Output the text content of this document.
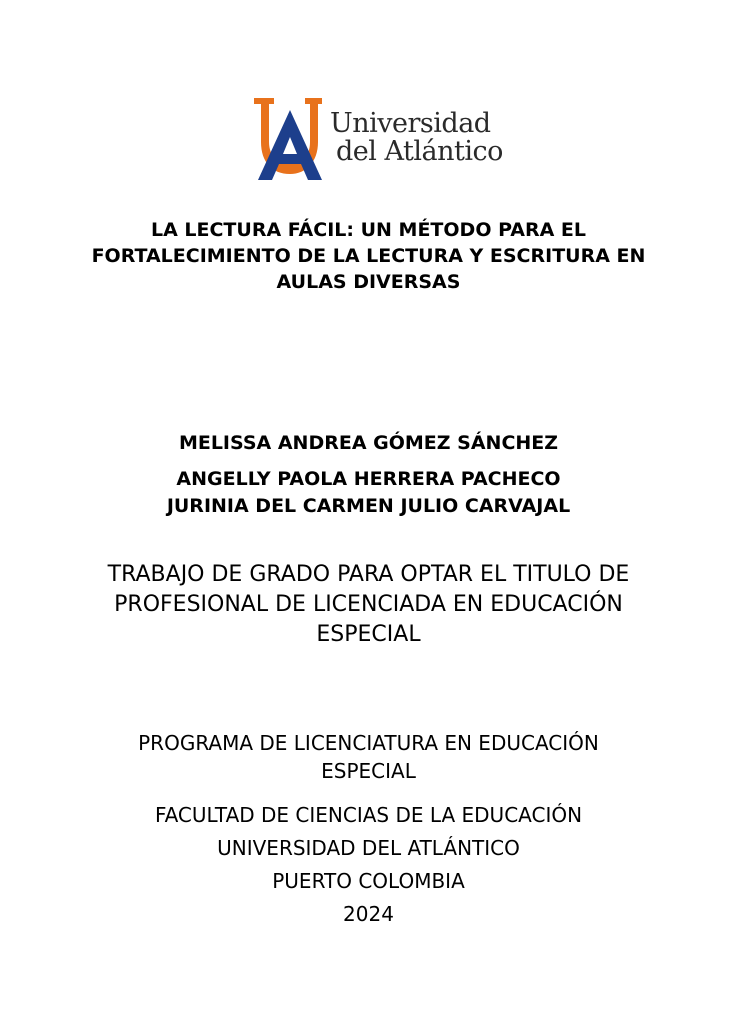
Universidad
del Atlántico
LA LECTURA FÁCIL: UN MÉTODO PARA EL
FORTALECIMIENTO DE LA LECTURA Y ESCRITURA EN
AULAS DIVERSAS
MELISSA ANDREA GÓMEZ SÁNCHEZ
ANGELLY PAOLA HERRERA PACHECO
JURINIA DEL CARMEN JULIO CARVAJAL
TRABAJO DE GRADO PARA OPTAR EL TITULO DE
PROFESIONAL DE LICENCIADA EN EDUCACIÓN
ESPECIAL
PROGRAMA DE LICENCIATURA EN EDUCACIÓN
ESPECIAL
FACULTAD DE CIENCIAS DE LA EDUCACIÓN
UNIVERSIDAD DEL ATLÁNTICO
PUERTO COLOMBIA
2024
